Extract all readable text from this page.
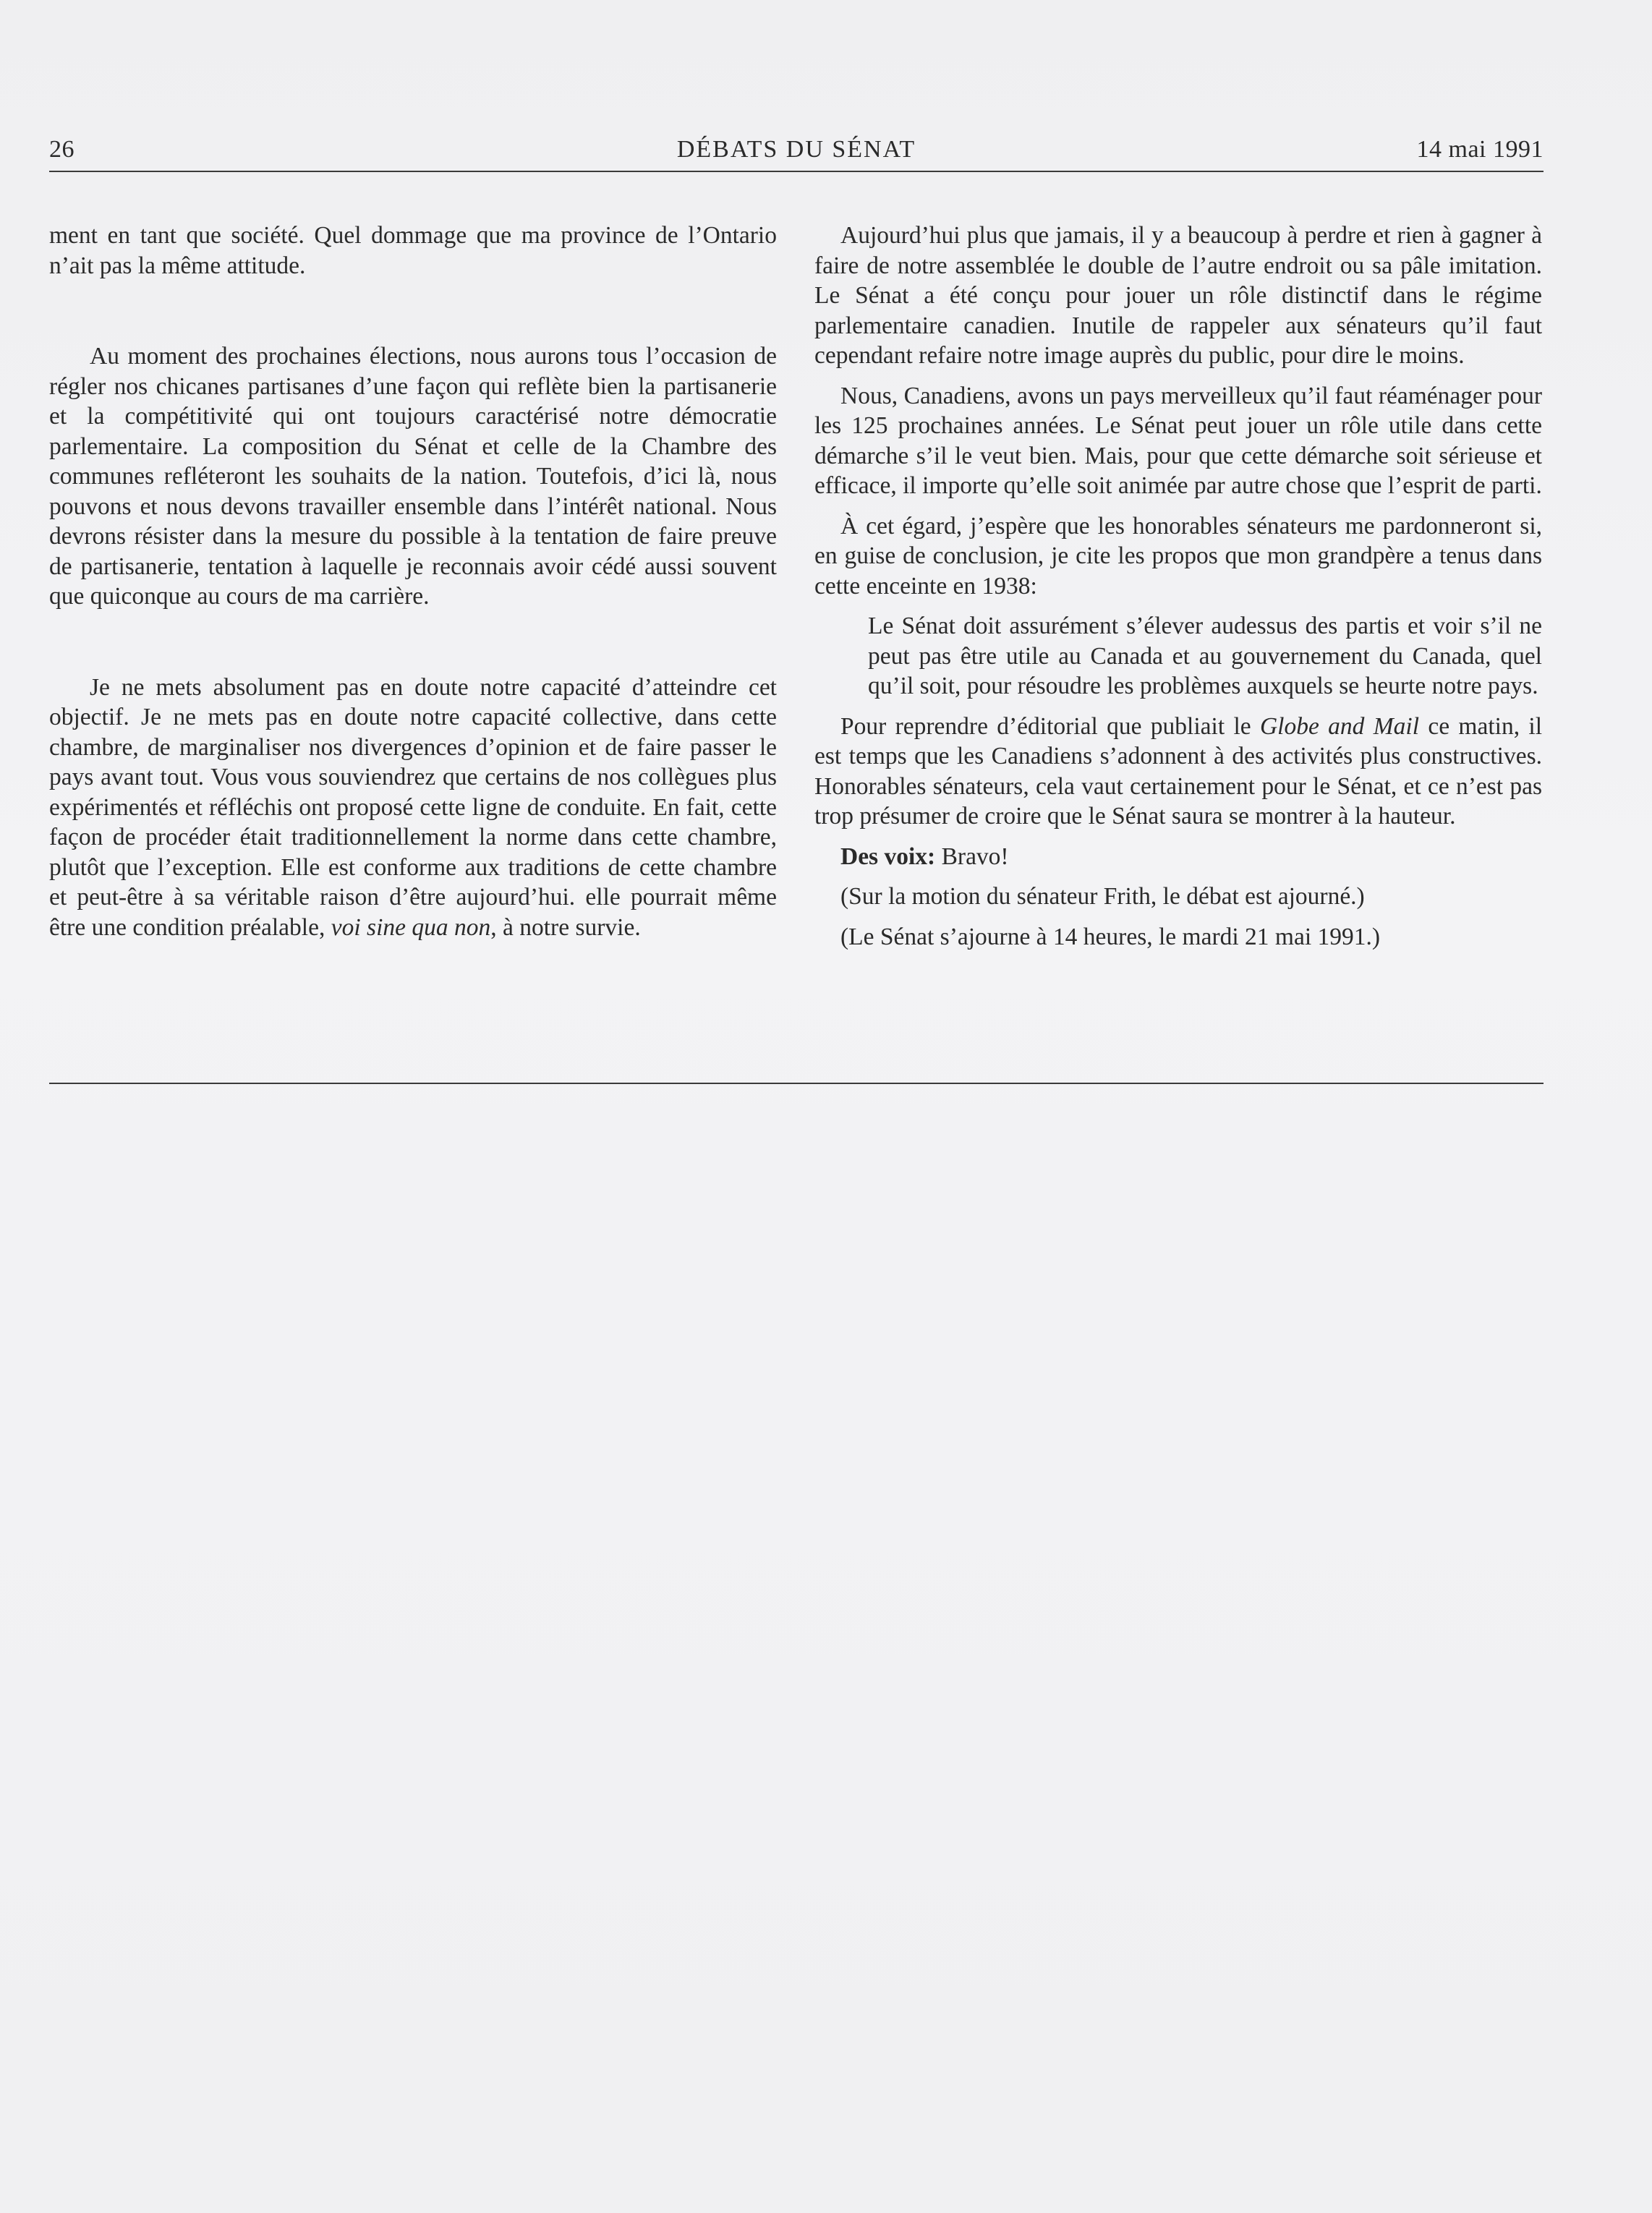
26	DÉBATS DU SÉNAT	14 mai 1991

ment en tant que société. Quel dommage que ma province de l’Ontario n’ait pas la même attitude.

Au moment des prochaines élections, nous aurons tous l’occasion de régler nos chicanes partisanes d’une façon qui reflète bien la partisanerie et la compétitivité qui ont toujours caractérisé notre démocratie parlementaire. La composition du Sénat et celle de la Chambre des communes refléteront les souhaits de la nation. Toutefois, d’ici là, nous pouvons et nous devons travailler ensemble dans l’intérêt national. Nous devrons résister dans la mesure du possible à la tentation de faire preuve de partisanerie, tentation à laquelle je reconnais avoir cédé aussi souvent que quiconque au cours de ma carrière.

Je ne mets absolument pas en doute notre capacité d’atteindre cet objectif. Je ne mets pas en doute notre capacité collective, dans cette chambre, de marginaliser nos divergences d’opinion et de faire passer le pays avant tout. Vous vous souviendrez que certains de nos collègues plus expérimentés et réfléchis ont proposé cette ligne de conduite. En fait, cette façon de procéder était traditionnellement la norme dans cette chambre, plutôt que l’exception. Elle est conforme aux traditions de cette chambre et peut-être à sa véritable raison d’être aujourd’hui. elle pourrait même être une condition préalable, voi sine qua non, à notre survie.

Aujourd’hui plus que jamais, il y a beaucoup à perdre et rien à gagner à faire de notre assemblée le double de l’autre endroit ou sa pâle imitation. Le Sénat a été conçu pour jouer un rôle distinctif dans le régime parlementaire canadien. Inutile de rappeler aux sénateurs qu’il faut cependant refaire notre image auprès du public, pour dire le moins.

Nous, Canadiens, avons un pays merveilleux qu’il faut réaménager pour les 125 prochaines années. Le Sénat peut jouer un rôle utile dans cette démarche s’il le veut bien. Mais, pour que cette démarche soit sérieuse et efficace, il importe qu’elle soit animée par autre chose que l’esprit de parti.

À cet égard, j’espère que les honorables sénateurs me pardonneront si, en guise de conclusion, je cite les propos que mon grandpère a tenus dans cette enceinte en 1938:

Le Sénat doit assurément s’élever audessus des partis et voir s’il ne peut pas être utile au Canada et au gouvernement du Canada, quel qu’il soit, pour résoudre les problèmes auxquels se heurte notre pays.

Pour reprendre d’éditorial que publiait le Globe and Mail ce matin, il est temps que les Canadiens s’adonnent à des activités plus constructives. Honorables sénateurs, cela vaut certainement pour le Sénat, et ce n’est pas trop présumer de croire que le Sénat saura se montrer à la hauteur.

Des voix: Bravo!

(Sur la motion du sénateur Frith, le débat est ajourné.)

(Le Sénat s’ajourne à 14 heures, le mardi 21 mai 1991.)
